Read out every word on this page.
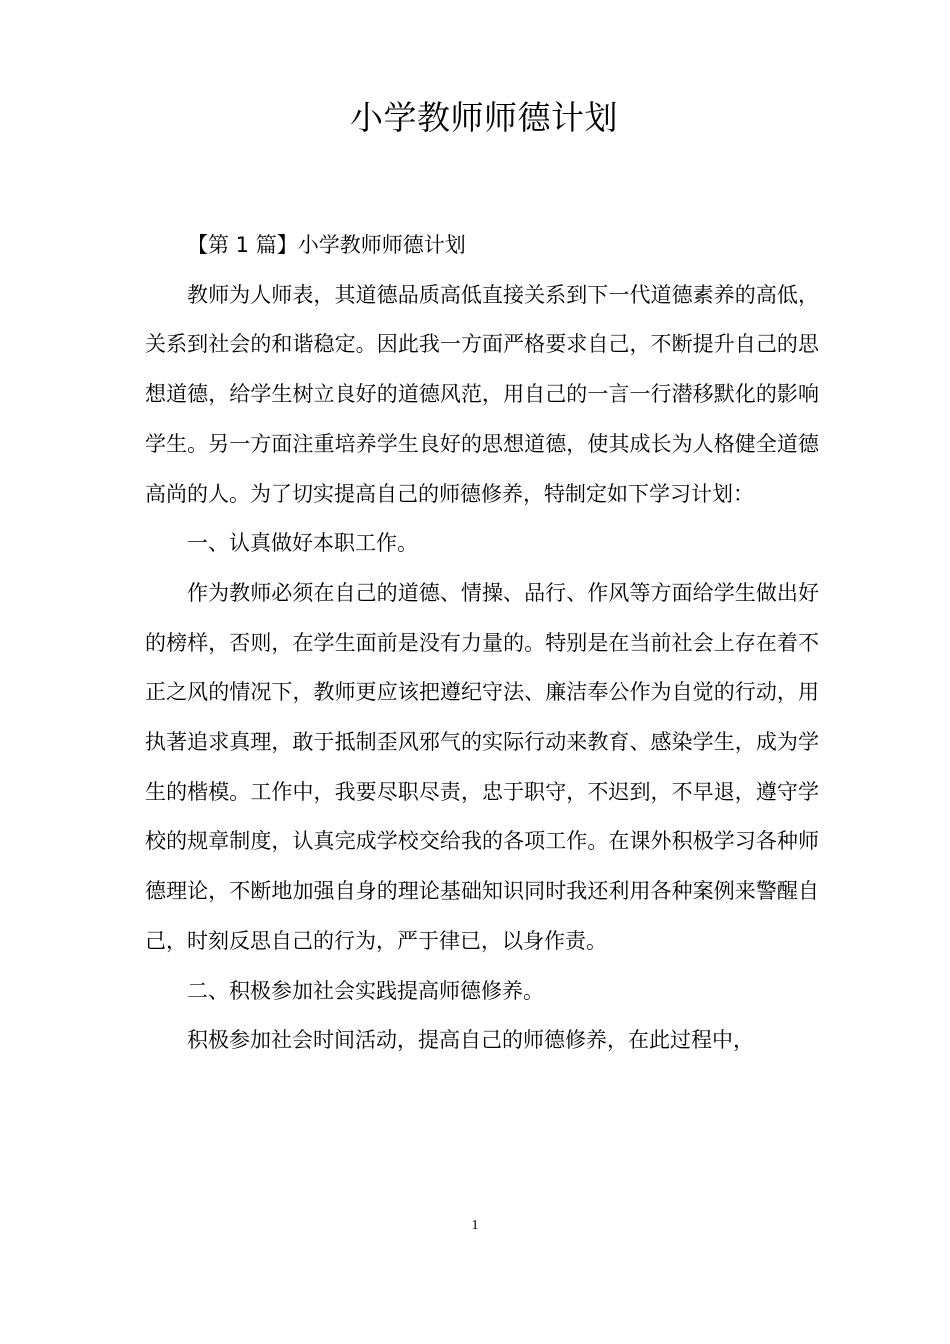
小学教师师德计划

【第 1 篇】小学教师师德计划

教师为人师表，其道德品质高低直接关系到下一代道德素养的高低，关系到社会的和谐稳定。因此我一方面严格要求自己，不断提升自己的思想道德，给学生树立良好的道德风范，用自己的一言一行潜移默化的影响学生。另一方面注重培养学生良好的思想道德，使其成长为人格健全道德高尚的人。为了切实提高自己的师德修养，特制定如下学习计划：

一、认真做好本职工作。

作为教师必须在自己的道德、情操、品行、作风等方面给学生做出好的榜样，否则，在学生面前是没有力量的。特别是在当前社会上存在着不正之风的情况下，教师更应该把遵纪守法、廉洁奉公作为自觉的行动，用执著追求真理，敢于抵制歪风邪气的实际行动来教育、感染学生，成为学生的楷模。工作中，我要尽职尽责，忠于职守，不迟到，不早退，遵守学校的规章制度，认真完成学校交给我的各项工作。在课外积极学习各种师德理论，不断地加强自身的理论基础知识同时我还利用各种案例来警醒自己，时刻反思自己的行为，严于律已，以身作责。

二、积极参加社会实践提高师德修养。

积极参加社会时间活动，提高自己的师德修养，在此过程中，

1
